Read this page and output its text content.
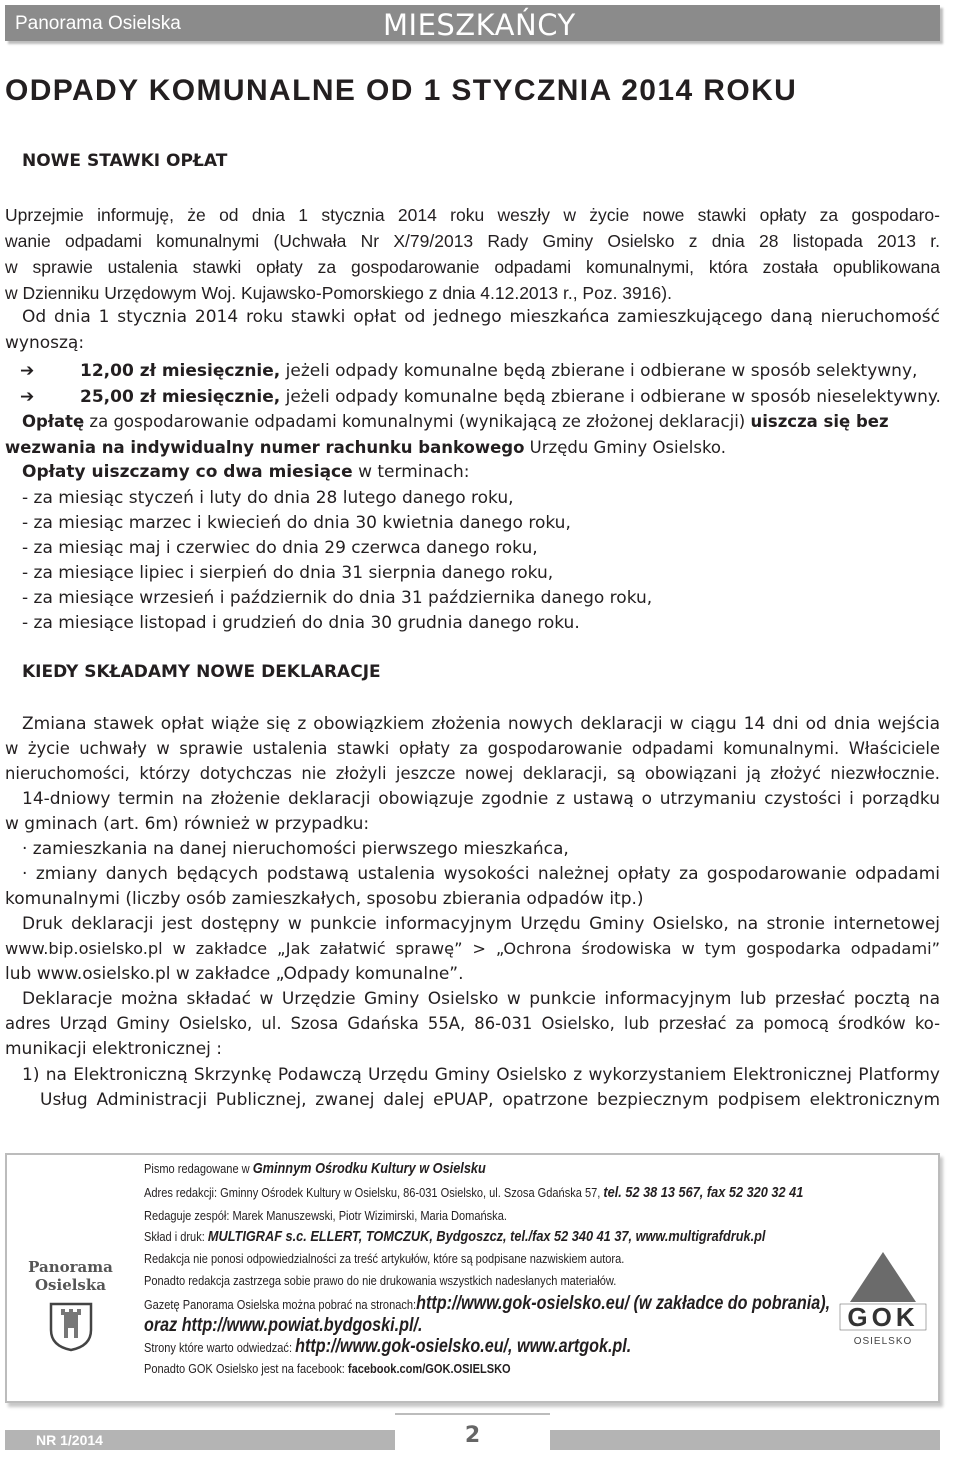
Panorama Osielska	MIESZKAŃCY
ODPADY KOMUNALNE OD 1 STYCZNIA 2014 ROKU
NOWE STAWKI OPŁAT
Uprzejmie informuję, że od dnia 1 stycznia 2014 roku weszły w życie nowe stawki opłaty za gospodaro-
wanie odpadami komunalnymi (Uchwała Nr X/79/2013 Rady Gminy Osielsko z dnia 28 listopada 2013 r.
w sprawie ustalenia stawki opłaty za gospodarowanie odpadami komunalnymi, która została opublikowana
w Dzienniku Urzędowym Woj. Kujawsko-Pomorskiego z dnia 4.12.2013 r., Poz. 3916).
Od dnia 1 stycznia 2014 roku stawki opłat od jednego mieszkańca zamieszkującego daną nieruchomość
wynoszą:
➔	12,00 zł miesięcznie, jeżeli odpady komunalne będą zbierane i odbierane w sposób selektywny,
➔	25,00 zł miesięcznie, jeżeli odpady komunalne będą zbierane i odbierane w sposób nieselektywny.
Opłatę za gospodarowanie odpadami komunalnymi (wynikającą ze złożonej deklaracji) uiszcza się bez
wezwania na indywidualny numer rachunku bankowego Urzędu Gminy Osielsko.
Opłaty uiszczamy co dwa miesiące w terminach:
- za miesiąc styczeń i luty do dnia 28 lutego danego roku,
- za miesiąc marzec i kwiecień do dnia 30 kwietnia danego roku,
- za miesiąc maj i czerwiec do dnia 29 czerwca danego roku,
- za miesiące lipiec i sierpień do dnia 31 sierpnia danego roku,
- za miesiące wrzesień i październik do dnia 31 października danego roku,
- za miesiące listopad i grudzień do dnia 30 grudnia danego roku.
KIEDY SKŁADAMY NOWE DEKLARACJE
Zmiana stawek opłat wiąże się z obowiązkiem złożenia nowych deklaracji w ciągu 14 dni od dnia wejścia
w życie uchwały w sprawie ustalenia stawki opłaty za gospodarowanie odpadami komunalnymi. Właściciele
nieruchomości, którzy dotychczas nie złożyli jeszcze nowej deklaracji, są obowiązani ją złożyć niezwłocznie.
14-dniowy termin na złożenie deklaracji obowiązuje zgodnie z ustawą o utrzymaniu czystości i porządku
w gminach (art. 6m) również w przypadku:
· zamieszkania na danej nieruchomości pierwszego mieszkańca,
· zmiany danych będących podstawą ustalenia wysokości należnej opłaty za gospodarowanie odpadami
komunalnymi (liczby osób zamieszkałych, sposobu zbierania odpadów itp.)
Druk deklaracji jest dostępny w punkcie informacyjnym Urzędu Gminy Osielsko, na stronie internetowej
www.bip.osielsko.pl w zakładce „Jak załatwić sprawę” > „Ochrona środowiska w tym gospodarka odpadami”
lub www.osielsko.pl w zakładce „Odpady komunalne”.
Deklaracje można składać w Urzędzie Gminy Osielsko w punkcie informacyjnym lub przesłać pocztą na
adres Urząd Gminy Osielsko, ul. Szosa Gdańska 55A, 86-031 Osielsko, lub przesłać za pomocą środków ko-
munikacji elektronicznej :
1) na Elektroniczną Skrzynkę Podawczą Urzędu Gminy Osielsko z wykorzystaniem Elektronicznej Platformy
Usług Administracji Publicznej, zwanej dalej ePUAP, opatrzone bezpiecznym podpisem elektronicznym
Panorama Osielska
Pismo redagowane w Gminnym Ośrodku Kultury w Osielsku
Adres redakcji: Gminny Ośrodek Kultury w Osielsku, 86-031 Osielsko, ul. Szosa Gdańska 57, tel. 52 38 13 567, fax 52 320 32 41
Redaguje zespół: Marek Manuszewski, Piotr Wizimirski, Maria Domańska.
Skład i druk: MULTIGRAF s.c. ELLERT, TOMCZUK, Bydgoszcz, tel./fax 52 340 41 37, www.multigrafdruk.pl
Redakcja nie ponosi odpowiedzialności za treść artykułów, które są podpisane nazwiskiem autora.
Ponadto redakcja zastrzega sobie prawo do nie drukowania wszystkich nadesłanych materiałów.
Gazetę Panorama Osielska można pobrać na stronach:http://www.gok-osielsko.eu/ (w zakładce do pobrania),
oraz http://www.powiat.bydgoski.pl/.
Strony które warto odwiedzać: http://www.gok-osielsko.eu/, www.artgok.pl.
Ponadto GOK Osielsko jest na facebook: facebook.com/GOK.OSIELSKO
GOK
OSIELSKO
NR 1/2014	2
